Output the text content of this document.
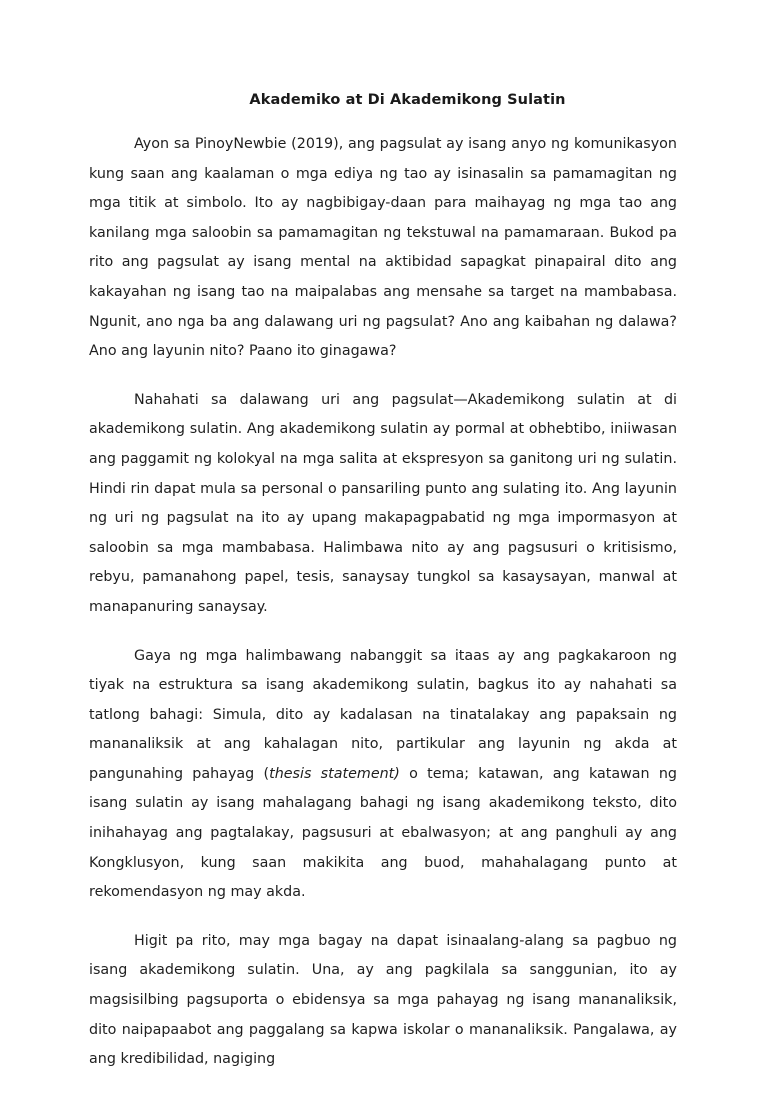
Akademiko at Di Akademikong Sulatin

Ayon sa PinoyNewbie (2019), ang pagsulat ay isang anyo ng komunikasyon kung saan ang kaalaman o mga ediya ng tao ay isinasalin sa pamamagitan ng mga titik at simbolo. Ito ay nagbibigay-daan para maihayag ng mga tao ang kanilang mga saloobin sa pamamagitan ng tekstuwal na pamamaraan. Bukod pa rito ang pagsulat ay isang mental na aktibidad sapagkat pinapairal dito ang kakayahan ng isang tao na maipalabas ang mensahe sa target na mambabasa. Ngunit, ano nga ba ang dalawang uri ng pagsulat? Ano ang kaibahan ng dalawa? Ano ang layunin nito? Paano ito ginagawa?

Nahahati sa dalawang uri ang pagsulat—Akademikong sulatin at di akademikong sulatin. Ang akademikong sulatin ay pormal at obhebtibo, iniiwasan ang paggamit ng kolokyal na mga salita at ekspresyon sa ganitong uri ng sulatin. Hindi rin dapat mula sa personal o pansariling punto ang sulating ito. Ang layunin ng uri ng pagsulat na ito ay upang makapagpabatid ng mga impormasyon at saloobin sa mga mambabasa. Halimbawa nito ay ang pagsusuri o kritisismo, rebyu, pamanahong papel, tesis, sanaysay tungkol sa kasaysayan, manwal at manapanuring sanaysay.

Gaya ng mga halimbawang nabanggit sa itaas ay ang pagkakaroon ng tiyak na estruktura sa isang akademikong sulatin, bagkus ito ay nahahati sa tatlong bahagi: Simula, dito ay kadalasan na tinatalakay ang papaksain ng mananaliksik at ang kahalagan nito, partikular ang layunin ng akda at pangunahing pahayag (thesis statement) o tema; katawan, ang katawan ng isang sulatin ay isang mahalagang bahagi ng isang akademikong teksto, dito inihahayag ang pagtalakay, pagsusuri at ebalwasyon; at ang panghuli ay ang Kongklusyon, kung saan makikita ang buod, mahahalagang punto at rekomendasyon ng may akda.

Higit pa rito, may mga bagay na dapat isinaalang-alang sa pagbuo ng isang akademikong sulatin. Una, ay ang pagkilala sa sanggunian, ito ay magsisilbing pagsuporta o ebidensya sa mga pahayag ng isang mananaliksik, dito naipapaabot ang paggalang sa kapwa iskolar o mananaliksik. Pangalawa, ay ang kredibilidad, nagiging
